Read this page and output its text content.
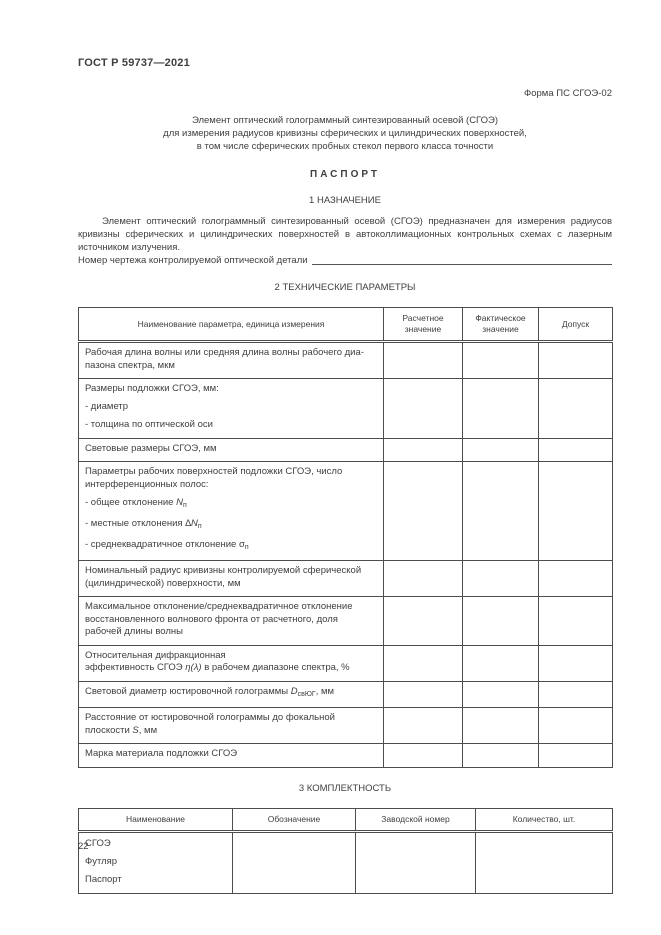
ГОСТ Р 59737—2021
Форма ПС СГОЭ-02
Элемент оптический голограммный синтезированный осевой (СГОЭ)
для измерения радиусов кривизны сферических и цилиндрических поверхностей,
в том числе сферических пробных стекол первого класса точности
ПАСПОРТ
1 НАЗНАЧЕНИЕ
Элемент оптический голограммный синтезированный осевой (СГОЭ) предназначен для измерения радиусов кривизны сферических и цилиндрических поверхностей в автоколлимационных контрольных схемах с лазерным источником излучения.
Номер чертежа контролируемой оптической детали
2 ТЕХНИЧЕСКИЕ ПАРАМЕТРЫ
Наименование параметра, единица измерения	Расчетное значение	Фактическое значение	Допуск

Рабочая длина волны или средняя длина волны рабочего диа-
пазона спектра, мкм			

Размеры подложки СГОЭ, мм:
- диаметр
- толщина по оптической оси			

Световые размеры СГОЭ, мм			

Параметры рабочих поверхностей подложки СГОЭ, число
интерференционных полос:
- общее отклонение $N_п$
- местные отклонения $\Delta N_п$
- среднеквадратичное отклонение $\sigma_п$

Номинальный радиус кривизны контролируемой сферической
(цилиндрической) поверхности, мм			

Максимальное отклонение/среднеквадратичное отклонение
восстановленного волнового фронта от расчетного, доля
рабочей длины волны			

Относительная дифракционная
эффективность СГОЭ η(λ) в рабочем диапазоне спектра, %			

Световой диаметр юстировочной голограммы $D_{свЮГ}$, мм			

Расстояние от юстировочной голограммы до фокальной
плоскости S, мм			

Марка материала подложки СГОЭ			

3 КОМПЛЕКТНОСТЬ
Наименование	Обозначение	Заводской номер	Количество, шт.

СГОЭ
Футляр
Паспорт			

22
